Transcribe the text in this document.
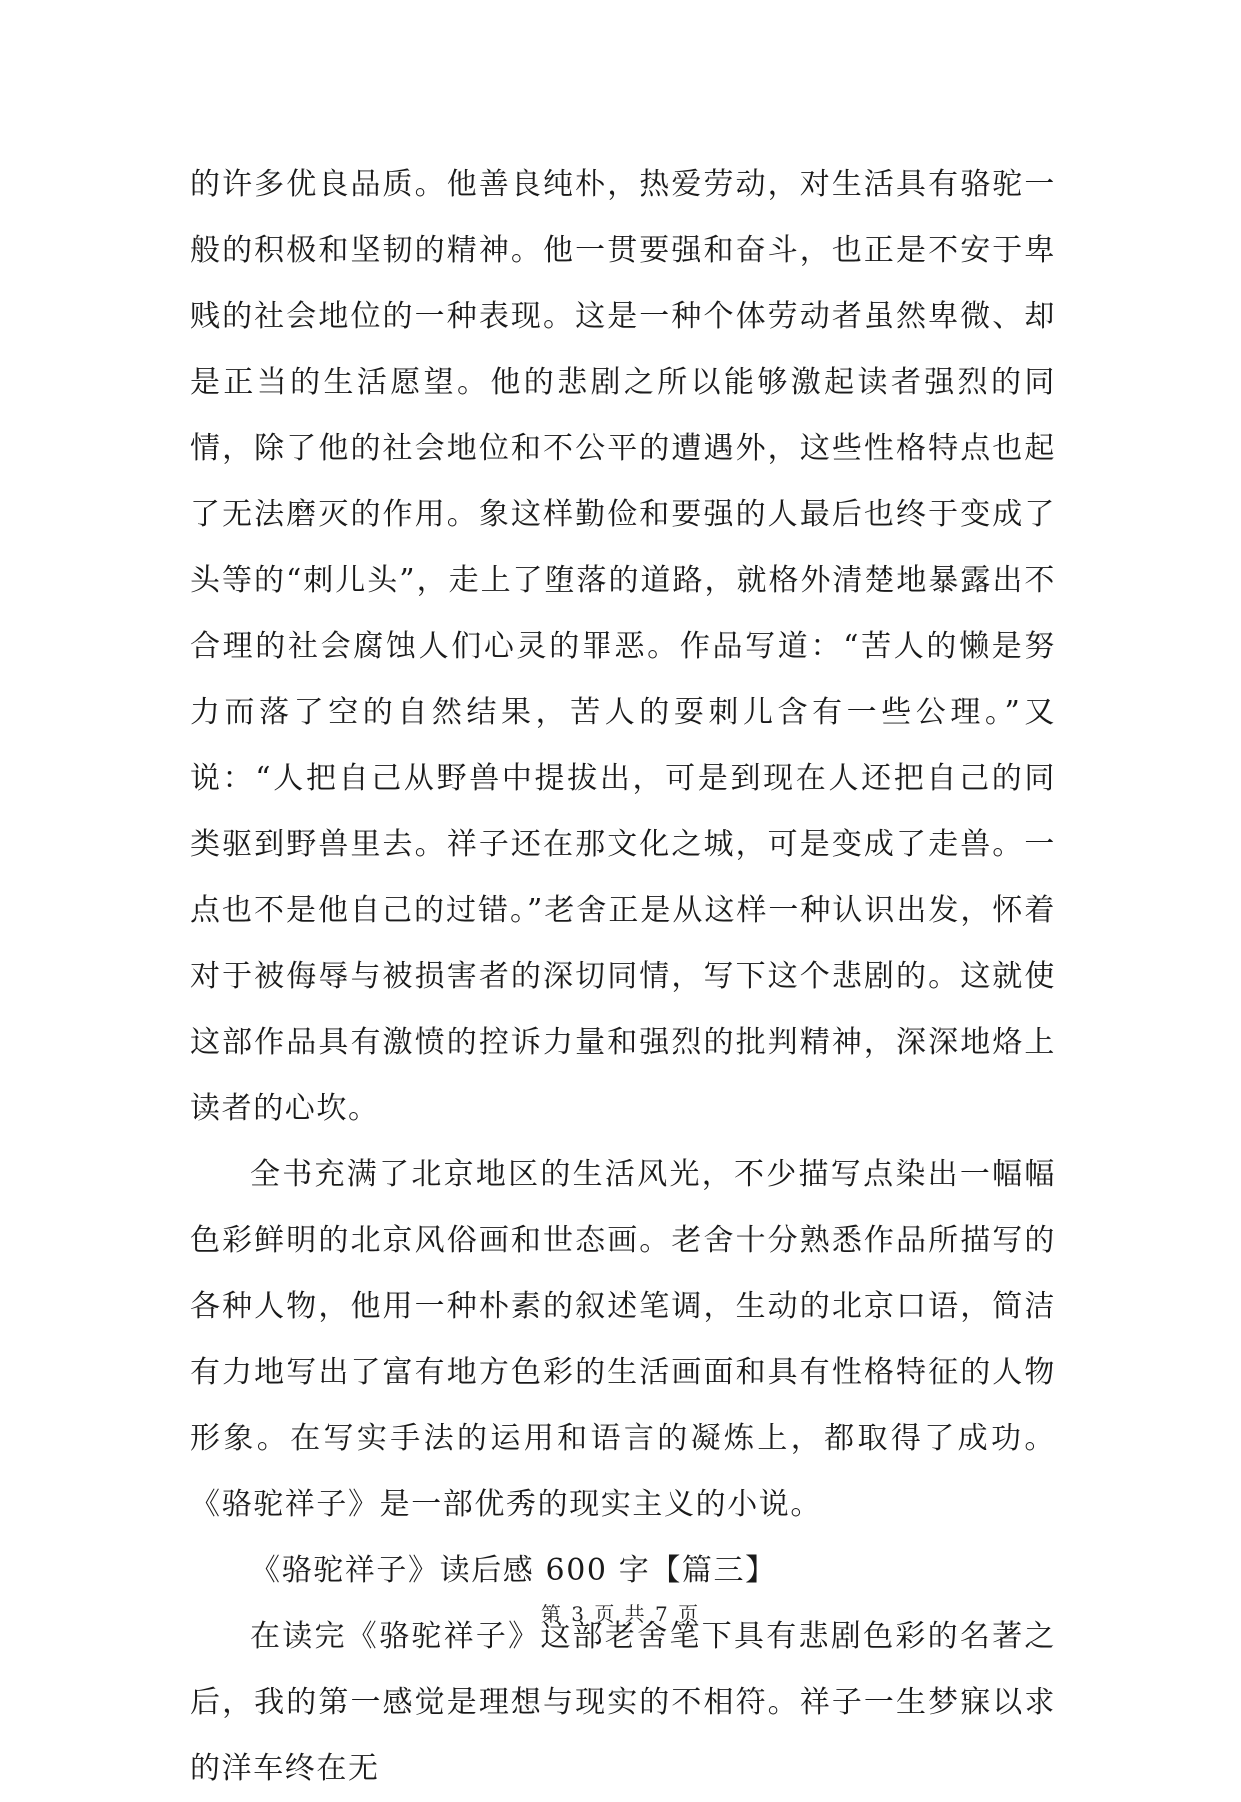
的许多优良品质。他善良纯朴，热爱劳动，对生活具有骆驼一般的积极和坚韧的精神。他一贯要强和奋斗，也正是不安于卑贱的社会地位的一种表现。这是一种个体劳动者虽然卑微、却是正当的生活愿望。他的悲剧之所以能够激起读者强烈的同情，除了他的社会地位和不公平的遭遇外，这些性格特点也起了无法磨灭的作用。象这样勤俭和要强的人最后也终于变成了头等的“刺儿头”，走上了堕落的道路，就格外清楚地暴露出不合理的社会腐蚀人们心灵的罪恶。作品写道：“苦人的懒是努力而落了空的自然结果，苦人的耍刺儿含有一些公理。”又说：“人把自己从野兽中提拔出，可是到现在人还把自己的同类驱到野兽里去。祥子还在那文化之城，可是变成了走兽。一点也不是他自己的过错。”老舍正是从这样一种认识出发，怀着对于被侮辱与被损害者的深切同情，写下这个悲剧的。这就使这部作品具有激愤的控诉力量和强烈的批判精神，深深地烙上读者的心坎。

全书充满了北京地区的生活风光，不少描写点染出一幅幅色彩鲜明的北京风俗画和世态画。老舍十分熟悉作品所描写的各种人物，他用一种朴素的叙述笔调，生动的北京口语，简洁有力地写出了富有地方色彩的生活画面和具有性格特征的人物形象。在写实手法的运用和语言的凝炼上，都取得了成功。《骆驼祥子》是一部优秀的现实主义的小说。

《骆驼祥子》读后感 600 字【篇三】

在读完《骆驼祥子》这部老舍笔下具有悲剧色彩的名著之后，我的第一感觉是理想与现实的不相符。祥子一生梦寐以求的洋车终在无

第 3 页 共 7 页
